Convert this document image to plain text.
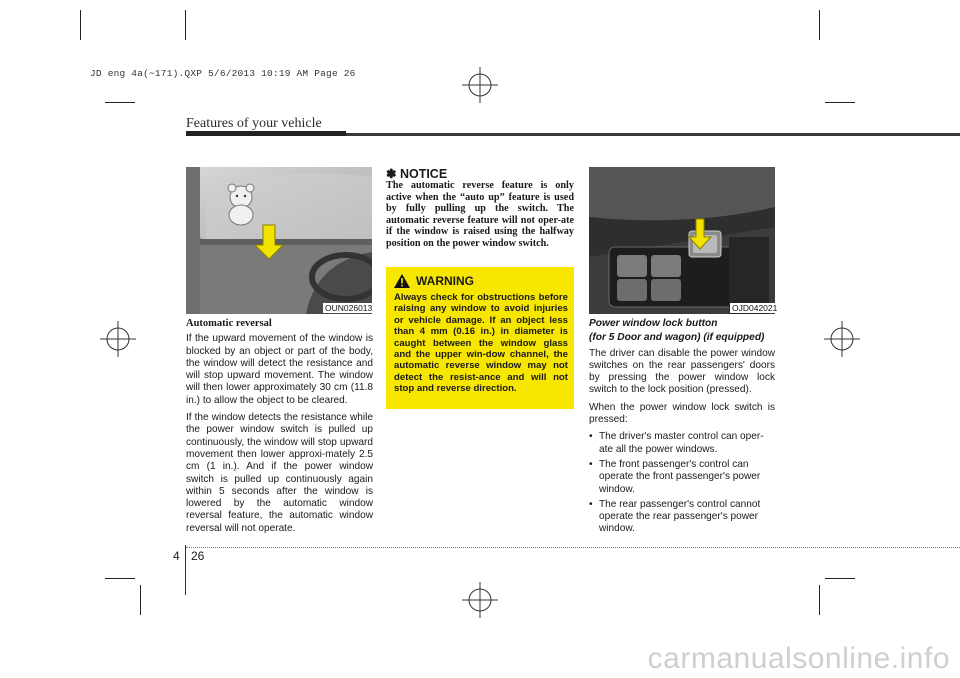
JD eng 4a(~171).QXP 5/6/2013 10:19 AM Page 26
Features of your vehicle
OUN026013
Automatic reversal

If the upward movement of the window is blocked by an object or part of the body, the window will detect the resistance and will stop upward movement. The window will then lower approximately 30 cm (11.8 in.) to allow the object to be cleared.

If the window detects the resistance while the power window switch is pulled up continuously, the window will stop upward movement then lower approxi-mately 2.5 cm (1 in.). And if the power window switch is pulled up continuously again within 5 seconds after the window is lowered by the automatic window reversal feature, the automatic window reversal will not operate.

✽ NOTICE
The automatic reverse feature is only active when the “auto up” feature is used by fully pulling up the switch. The automatic reverse feature will not oper-ate if the window is raised using the halfway position on the power window switch.
WARNING
Always check for obstructions before raising any window to avoid injuries or vehicle damage. If an object less than 4 mm (0.16 in.) in diameter is caught between the window glass and the upper win-dow channel, the automatic reverse window may not detect the resist-ance and will not stop and reverse direction.
OJD042021
Power window lock button
(for 5 Door and wagon) (if equipped)

The driver can disable the power window switches on the rear passengers' doors by pressing the power window lock switch to the lock position (pressed).

When the power window lock switch is pressed:

• The driver's master control can oper-ate all the power windows.
• The front passenger's control can operate the front passenger's power window.
• The rear passenger's control cannot operate the rear passenger's power window.
4 26
carmanualsonline.info
